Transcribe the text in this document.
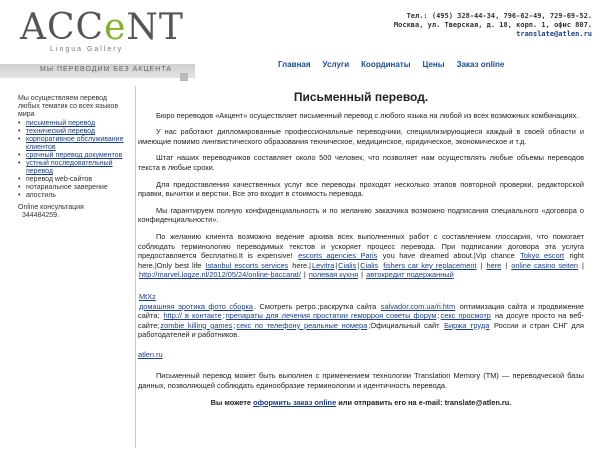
ACCeNT
Lingua Gallery
Тел.: (495) 328-44-34, 796-62-49, 729-69-52.
Москва, ул. Тверская, д. 18, корп. 1, офис 807.
translate@atlen.ru
МЫ ПЕРЕВОДИМ БЕЗ АКЦЕНТА
Главная Услуги Координаты Цены Заказ online
Мы осуществляем перевод любых тематик со всех языков мира
• письменный перевод
• технический перевод
• корпоративное обслуживание клиентов
• срочный перевод документов
• устный последовательный перевод
• перевод web-сайтов
• нотариальное заверение
• апостиль
Online консультация
344484259.
Письменный перевод.

Бюро переводов «Акцент» осуществляет письменный перевод с любого языка на любой из всех возможных комбинациях.

У нас работают дипломированные профессиональные переводчики, специализирующиеся каждый в своей области и имеющие помимо лингвистического образования техническое, медицинское, юридическое, экономическое и т.д.

Штат наших переводчиков составляет около 500 человек, что позволяет нам осуществлять любые объемы переводов текста в любые сроки.

Для предоставления качественных услуг все переводы проходят несколько этапов повторной проверки, редакторской правки, вычитки и верстки. Все это входит в стоимость перевода.

Мы гарантируем полную конфиденциальность и по желанию заказчика возможно подписания специального «договора о конфиденциальности».

По желанию клиента возможно ведение архива всех выполненных работ с составлением глоссария, что помогает соблюдать терминологию переводимых текстов и ускоряет процесс перевода. При подписании договора эта услуга предоставляется бесплатно.It is expensive! escorts agencies Paris you have dreamed about.|Vip chance Tokyo escort right here.|Only best life Istanbul escorts services here.|Levitra|Cialis|Cialis fishers car key replacement | here | online casino seiten | http://marvel.logze.nl/2012/05/24/online-baccarat/ | полевая кухня | автокредит подержанный

MtXz
домашняя эротика фото сборка. Смотреть ретро.;раскрутка сайта salvador.com.ua/ri.htm оптимизация сайта и продвижение сайта; http:// в контакте;препараты для лечения простатии геморроя советы форум;секс просмотр на досуге просто на веб-сайте;zombie killing games;секс по телефону реальные номера;Официальный сайт Биржа труда России и стран СНГ для работодателей и работников.

atlen.ru

Письменный перевод может быть выполнен с применением технологии Translation Memory (TM) — переводческой базы данных, позволяющей соблюдать единообразие терминологии и идентичность перевода.

Вы можете оформить заказ online или отправить его на e-mail: translate@atlen.ru.
